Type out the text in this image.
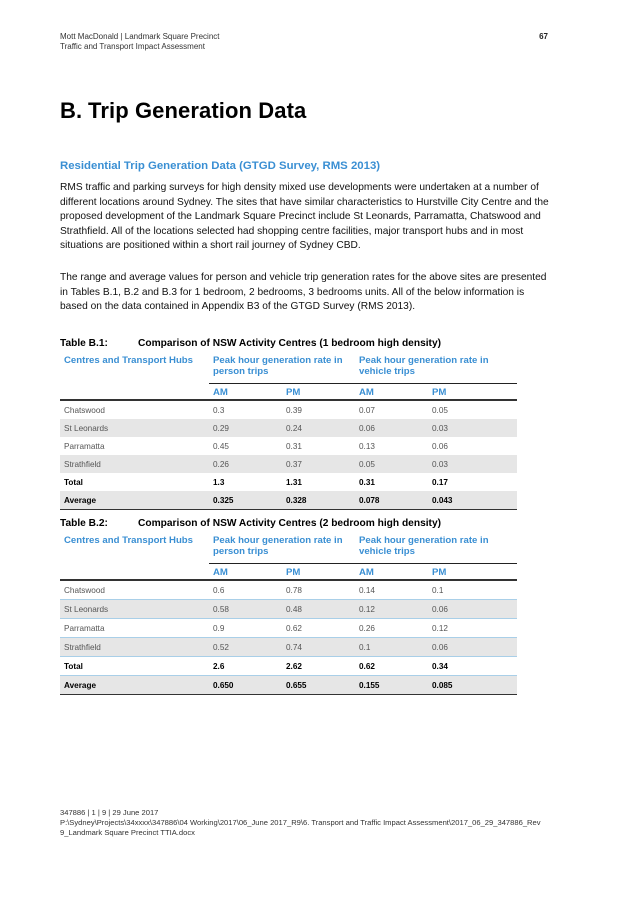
Mott MacDonald | Landmark Square Precinct
Traffic and Transport Impact Assessment
67
B. Trip Generation Data
Residential Trip Generation Data (GTGD Survey, RMS 2013)

RMS traffic and parking surveys for high density mixed use developments were undertaken at a number of different locations around Sydney. The sites that have similar characteristics to Hurstville City Centre and the proposed development of the Landmark Square Precinct include St Leonards, Parramatta, Chatswood and Strathfield. All of the locations selected had shopping centre facilities, major transport hubs and in most situations are positioned within a short rail journey of Sydney CBD.

The range and average values for person and vehicle trip generation rates for the above sites are presented in Tables B.1, B.2 and B.3 for 1 bedroom, 2 bedrooms, 3 bedrooms units. All of the below information is based on the data contained in Appendix B3 of the GTGD Survey (RMS 2013).

Table B.1:	Comparison of NSW Activity Centres (1 bedroom high density)
Centres and Transport Hubs	Peak hour generation rate in person trips		Peak hour generation rate in vehicle trips	
	AM	PM	AM	PM
Chatswood	0.3	0.39	0.07	0.05
St Leonards	0.29	0.24	0.06	0.03
Parramatta	0.45	0.31	0.13	0.06
Strathfield	0.26	0.37	0.05	0.03
Total	1.3	1.31	0.31	0.17
Average	0.325	0.328	0.078	0.043
Table B.2:	Comparison of NSW Activity Centres (2 bedroom high density)
Centres and Transport Hubs	Peak hour generation rate in person trips		Peak hour generation rate in vehicle trips	
	AM	PM	AM	PM
Chatswood	0.6	0.78	0.14	0.1
St Leonards	0.58	0.48	0.12	0.06
Parramatta	0.9	0.62	0.26	0.12
Strathfield	0.52	0.74	0.1	0.06
Total	2.6	2.62	0.62	0.34
Average	0.650	0.655	0.155	0.085
347886 | 1 | 9 | 29 June 2017
P:\Sydney\Projects\34xxxx\347886\04 Working\2017\06_June 2017_R9\6. Transport and Traffic Impact Assessment\2017_06_29_347886_Rev 9_Landmark Square Precinct TTIA.docx
